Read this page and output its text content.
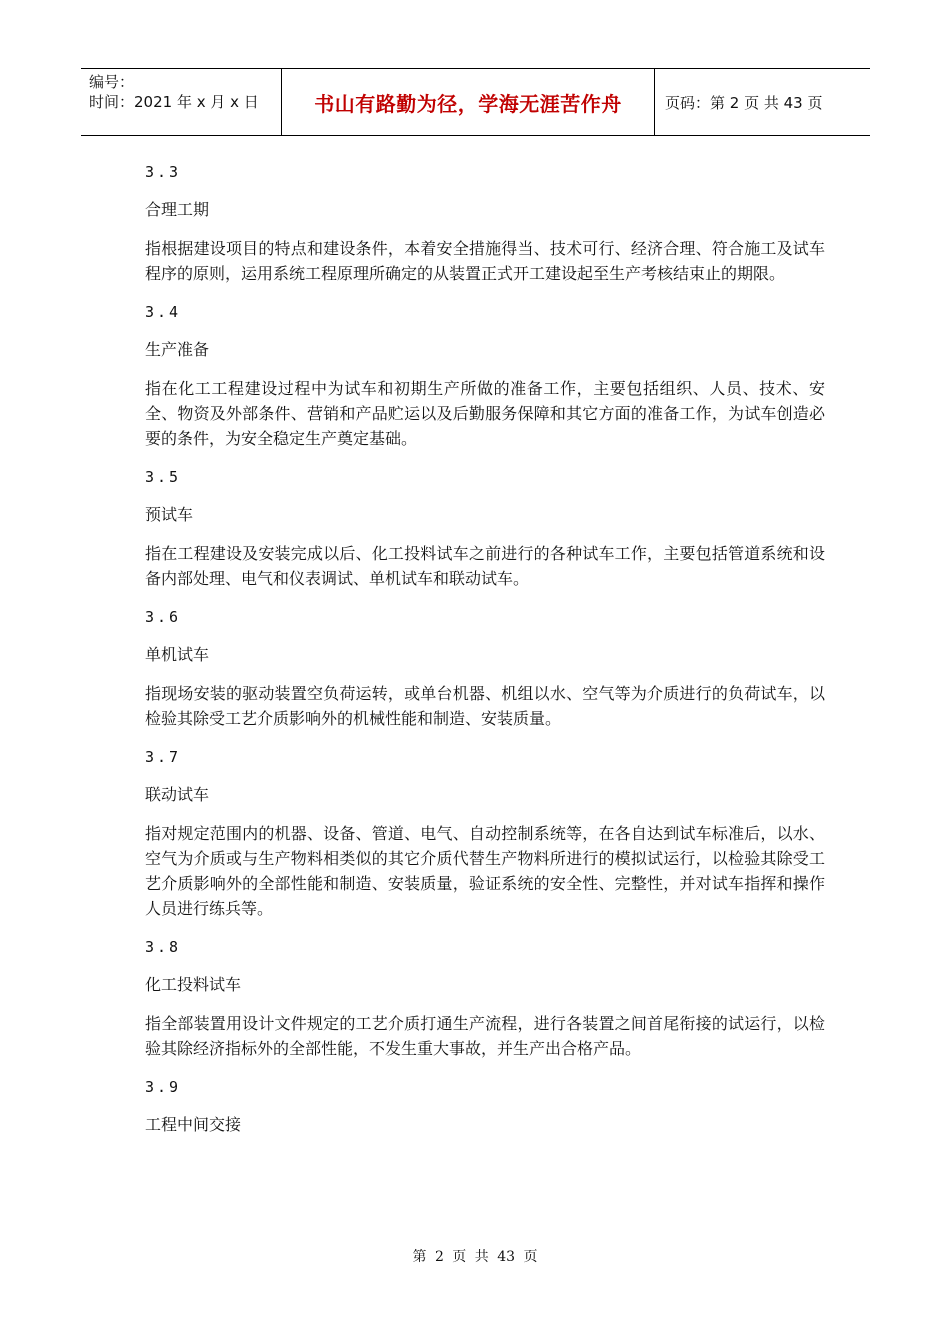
编号：
时间：2021 年 x 月 x 日	书山有路勤为径，学海无涯苦作舟	页码：第 2 页 共 43 页
3.3
合理工期
指根据建设项目的特点和建设条件，本着安全措施得当、技术可行、经济合理、符合施工及试车程序的原则，运用系统工程原理所确定的从装置正式开工建设起至生产考核结束止的期限。
3.4
生产准备
指在化工工程建设过程中为试车和初期生产所做的准备工作，主要包括组织、人员、技术、安全、物资及外部条件、营销和产品贮运以及后勤服务保障和其它方面的准备工作，为试车创造必要的条件，为安全稳定生产奠定基础。
3.5
预试车
指在工程建设及安装完成以后、化工投料试车之前进行的各种试车工作，主要包括管道系统和设备内部处理、电气和仪表调试、单机试车和联动试车。
3.6
单机试车
指现场安装的驱动装置空负荷运转，或单台机器、机组以水、空气等为介质进行的负荷试车，以检验其除受工艺介质影响外的机械性能和制造、安装质量。
3.7
联动试车
指对规定范围内的机器、设备、管道、电气、自动控制系统等，在各自达到试车标准后，以水、空气为介质或与生产物料相类似的其它介质代替生产物料所进行的模拟试运行，以检验其除受工艺介质影响外的全部性能和制造、安装质量，验证系统的安全性、完整性，并对试车指挥和操作人员进行练兵等。
3.8
化工投料试车
指全部装置用设计文件规定的工艺介质打通生产流程，进行各装置之间首尾衔接的试运行，以检验其除经济指标外的全部性能，不发生重大事故，并生产出合格产品。
3.9
工程中间交接
第 2 页 共 43 页
